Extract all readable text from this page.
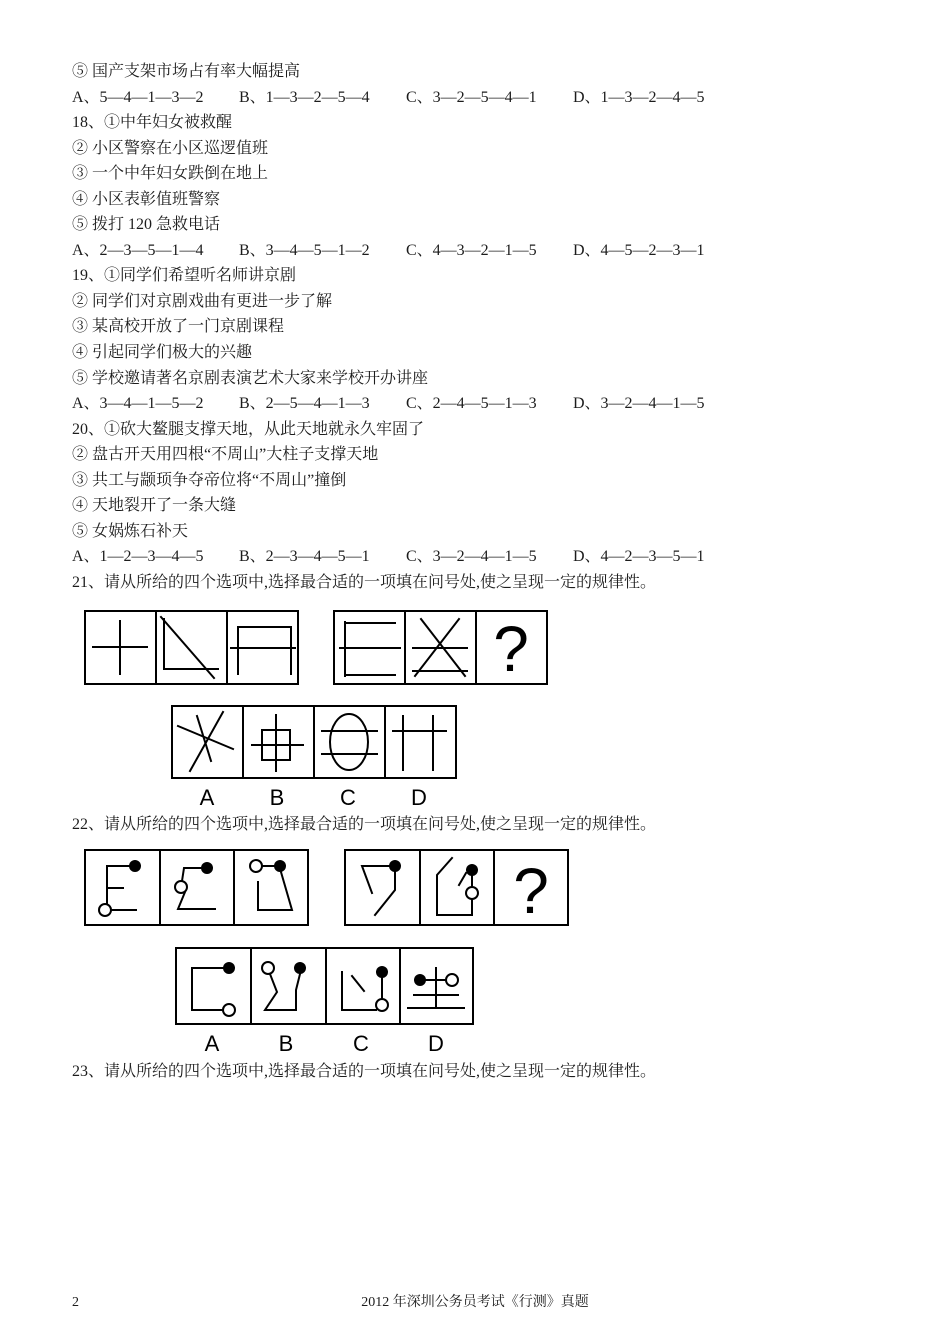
⑤ 国产支架市场占有率大幅提高
A、5—4—1—3—2	B、1—3—2—5—4	C、3—2—5—4—1	D、1—3—2—4—5
18、①中年妇女被救醒
② 小区警察在小区巡逻值班
③ 一个中年妇女跌倒在地上
④ 小区表彰值班警察
⑤ 拨打 120 急救电话
A、2—3—5—1—4	B、3—4—5—1—2	C、4—3—2—1—5	D、4—5—2—3—1
19、①同学们希望听名师讲京剧
② 同学们对京剧戏曲有更进一步了解
③ 某高校开放了一门京剧课程
④ 引起同学们极大的兴趣
⑤ 学校邀请著名京剧表演艺术大家来学校开办讲座
A、3—4—1—5—2	B、2—5—4—1—3	C、2—4—5—1—3	D、3—2—4—1—5
20、①砍大鳌腿支撑天地，从此天地就永久牢固了
② 盘古开天用四根“不周山”大柱子支撑天地
③ 共工与颛顼争夺帝位将“不周山”撞倒
④ 天地裂开了一条大缝
⑤ 女娲炼石补天
A、1—2—3—4—5	B、2—3—4—5—1	C、3—2—4—1—5	D、4—2—3—5—1
21、请从所给的四个选项中,选择最合适的一项填在问号处,使之呈现一定的规律性。
?
A	B	C	D
22、请从所给的四个选项中,选择最合适的一项填在问号处,使之呈现一定的规律性。
?
A	B	C	D
23、请从所给的四个选项中,选择最合适的一项填在问号处,使之呈现一定的规律性。
2	2012 年深圳公务员考试《行测》真题
